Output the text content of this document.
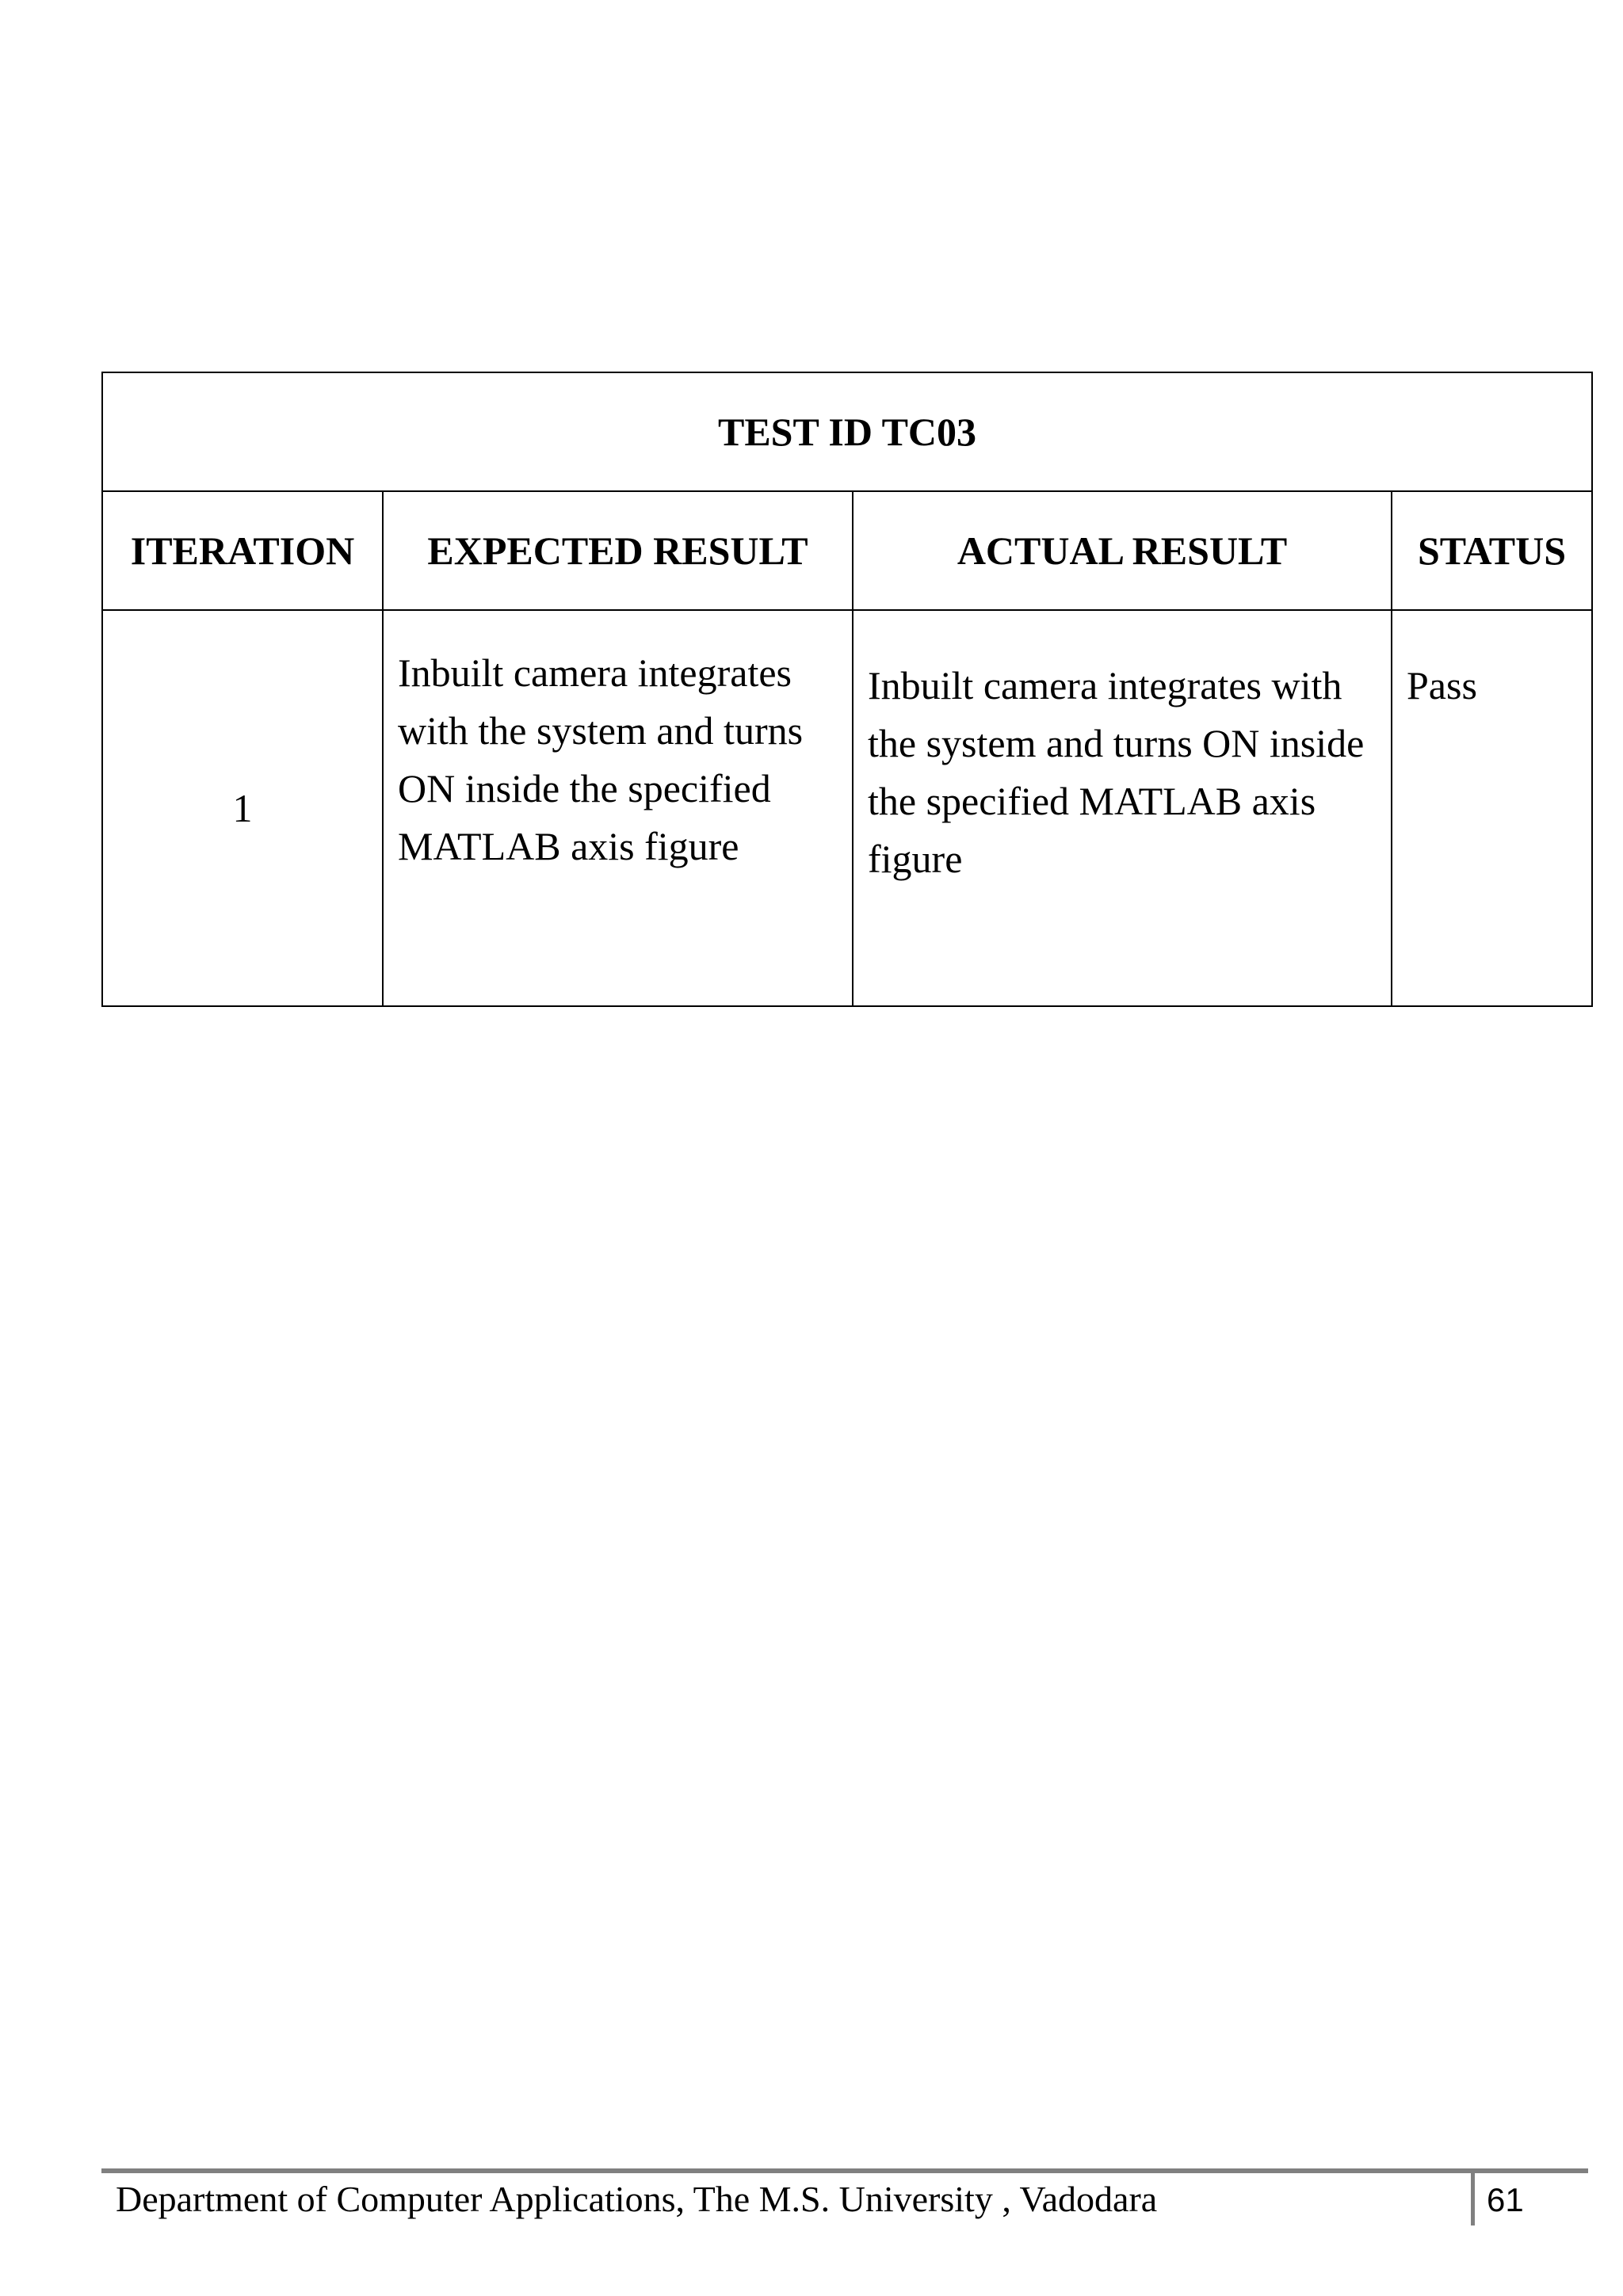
TEST ID TC03			
ITERATION	EXPECTED RESULT	ACTUAL RESULT	STATUS
1	Inbuilt camera integrates with the system and turns ON inside the specified MATLAB axis figure	Inbuilt camera integrates with the system and turns ON inside the specified MATLAB axis figure	Pass
Department of Computer Applications, The M.S. University , Vadodara	61
